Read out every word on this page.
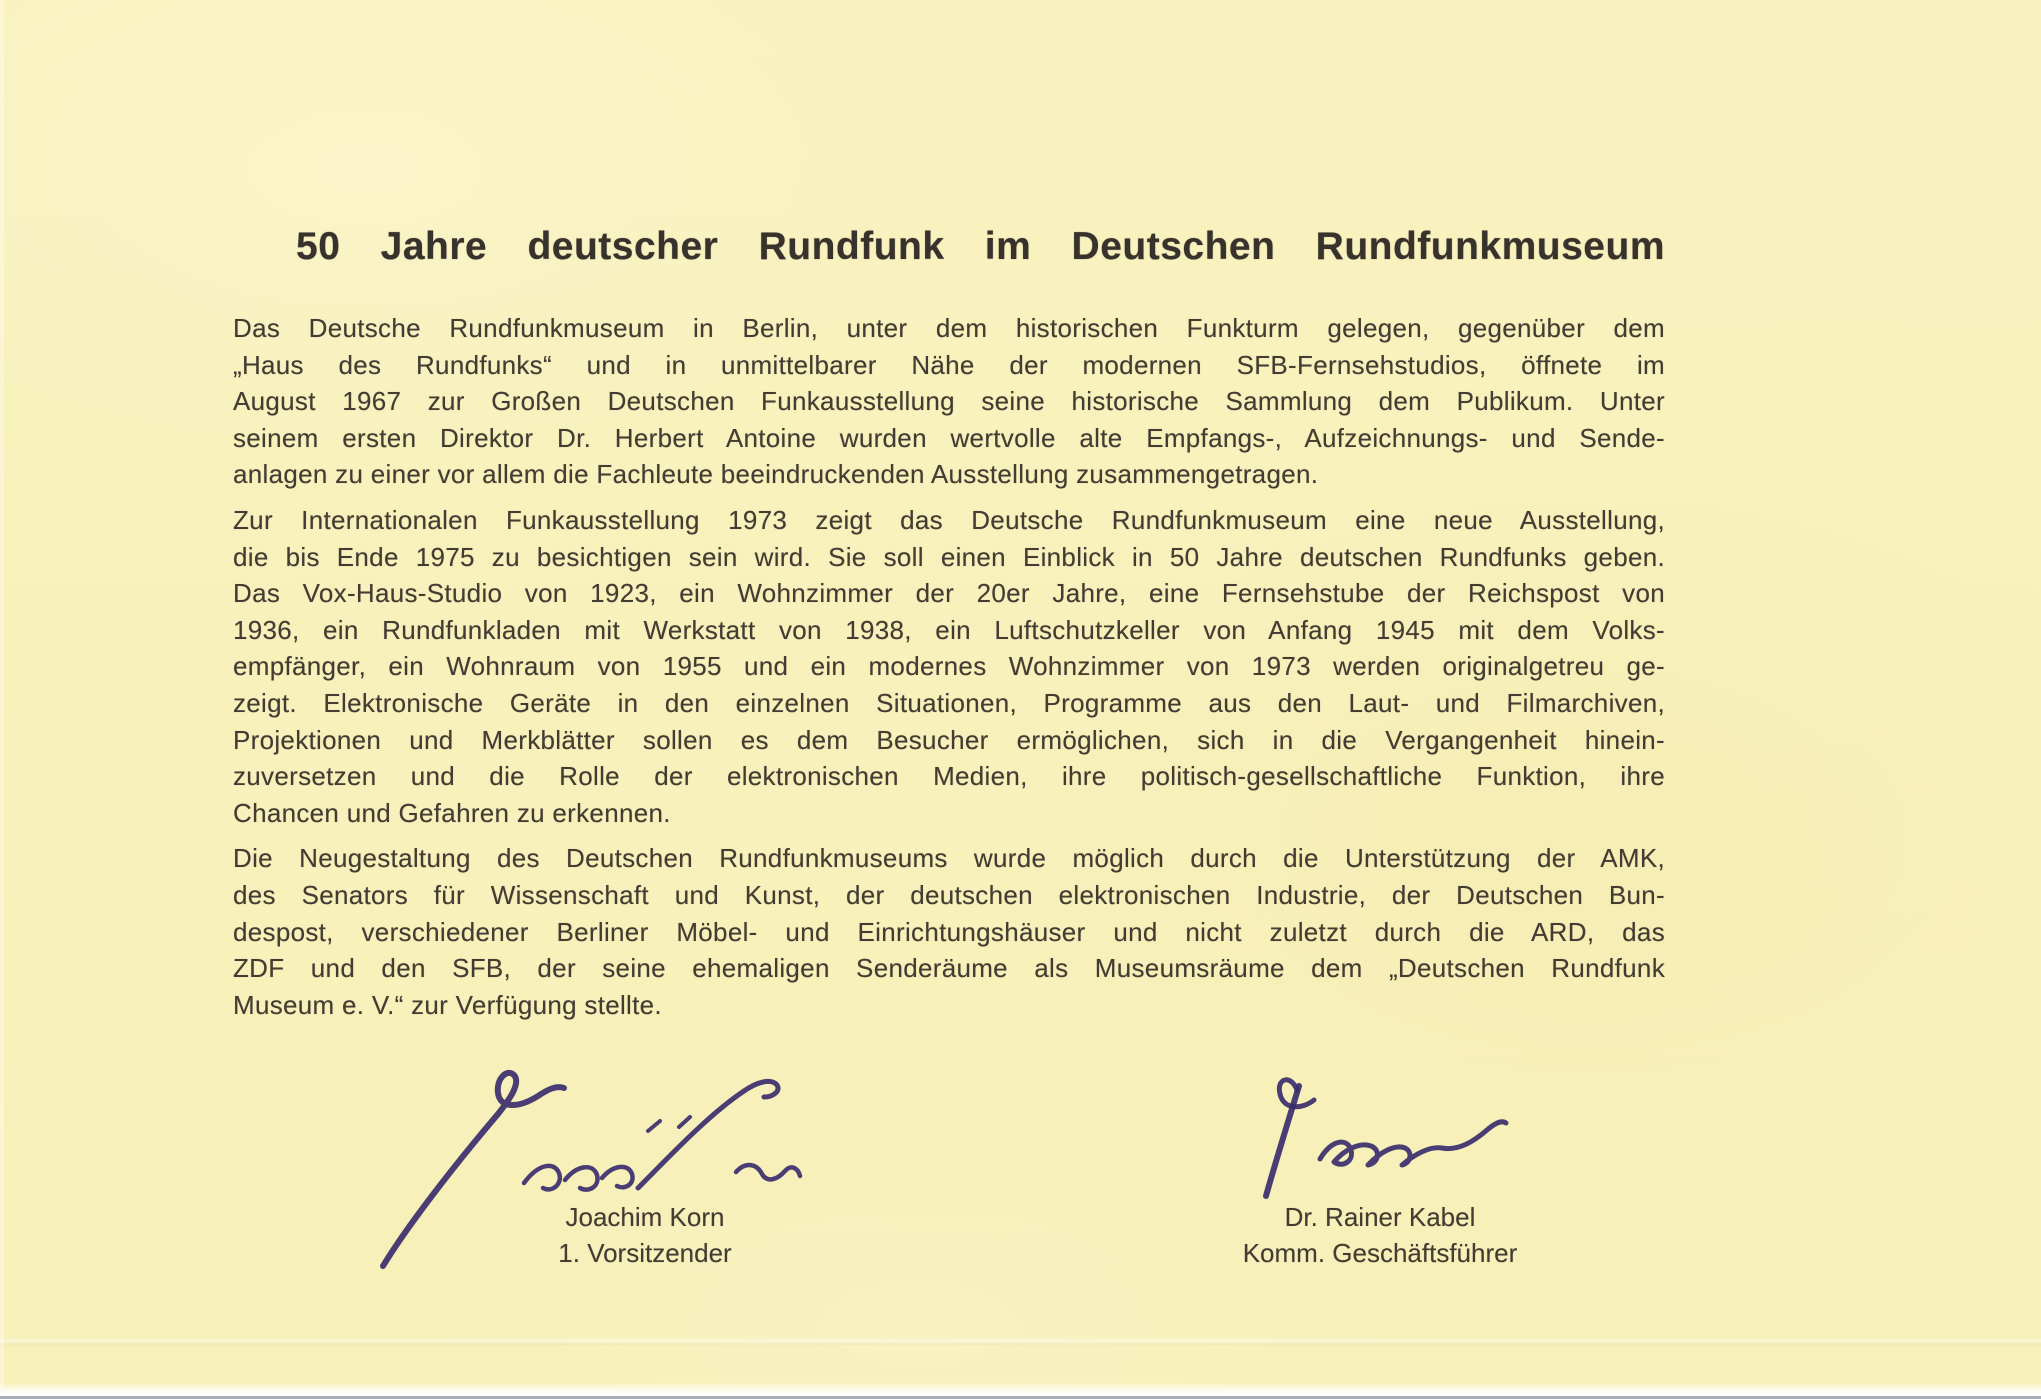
50 Jahre deutscher Rundfunk im Deutschen Rundfunkmuseum
Das Deutsche Rundfunkmuseum in Berlin, unter dem historischen Funkturm gelegen, gegenüber dem
„Haus des Rundfunks“ und in unmittelbarer Nähe der modernen SFB-Fernsehstudios, öffnete im
August 1967 zur Großen Deutschen Funkausstellung seine historische Sammlung dem Publikum. Unter
seinem ersten Direktor Dr. Herbert Antoine wurden wertvolle alte Empfangs-, Aufzeichnungs- und Sende-
anlagen zu einer vor allem die Fachleute beeindruckenden Ausstellung zusammengetragen.
Zur Internationalen Funkausstellung 1973 zeigt das Deutsche Rundfunkmuseum eine neue Ausstellung,
die bis Ende 1975 zu besichtigen sein wird. Sie soll einen Einblick in 50 Jahre deutschen Rundfunks geben.
Das Vox-Haus-Studio von 1923, ein Wohnzimmer der 20er Jahre, eine Fernsehstube der Reichspost von
1936, ein Rundfunkladen mit Werkstatt von 1938, ein Luftschutzkeller von Anfang 1945 mit dem Volks-
empfänger, ein Wohnraum von 1955 und ein modernes Wohnzimmer von 1973 werden originalgetreu ge-
zeigt. Elektronische Geräte in den einzelnen Situationen, Programme aus den Laut- und Filmarchiven,
Projektionen und Merkblätter sollen es dem Besucher ermöglichen, sich in die Vergangenheit hinein-
zuversetzen und die Rolle der elektronischen Medien, ihre politisch-gesellschaftliche Funktion, ihre
Chancen und Gefahren zu erkennen.
Die Neugestaltung des Deutschen Rundfunkmuseums wurde möglich durch die Unterstützung der AMK,
des Senators für Wissenschaft und Kunst, der deutschen elektronischen Industrie, der Deutschen Bun-
despost, verschiedener Berliner Möbel- und Einrichtungshäuser und nicht zuletzt durch die ARD, das
ZDF und den SFB, der seine ehemaligen Senderäume als Museumsräume dem „Deutschen Rundfunk
Museum e. V.“ zur Verfügung stellte.
Joachim Korn
1. Vorsitzender
Dr. Rainer Kabel
Komm. Geschäftsführer
